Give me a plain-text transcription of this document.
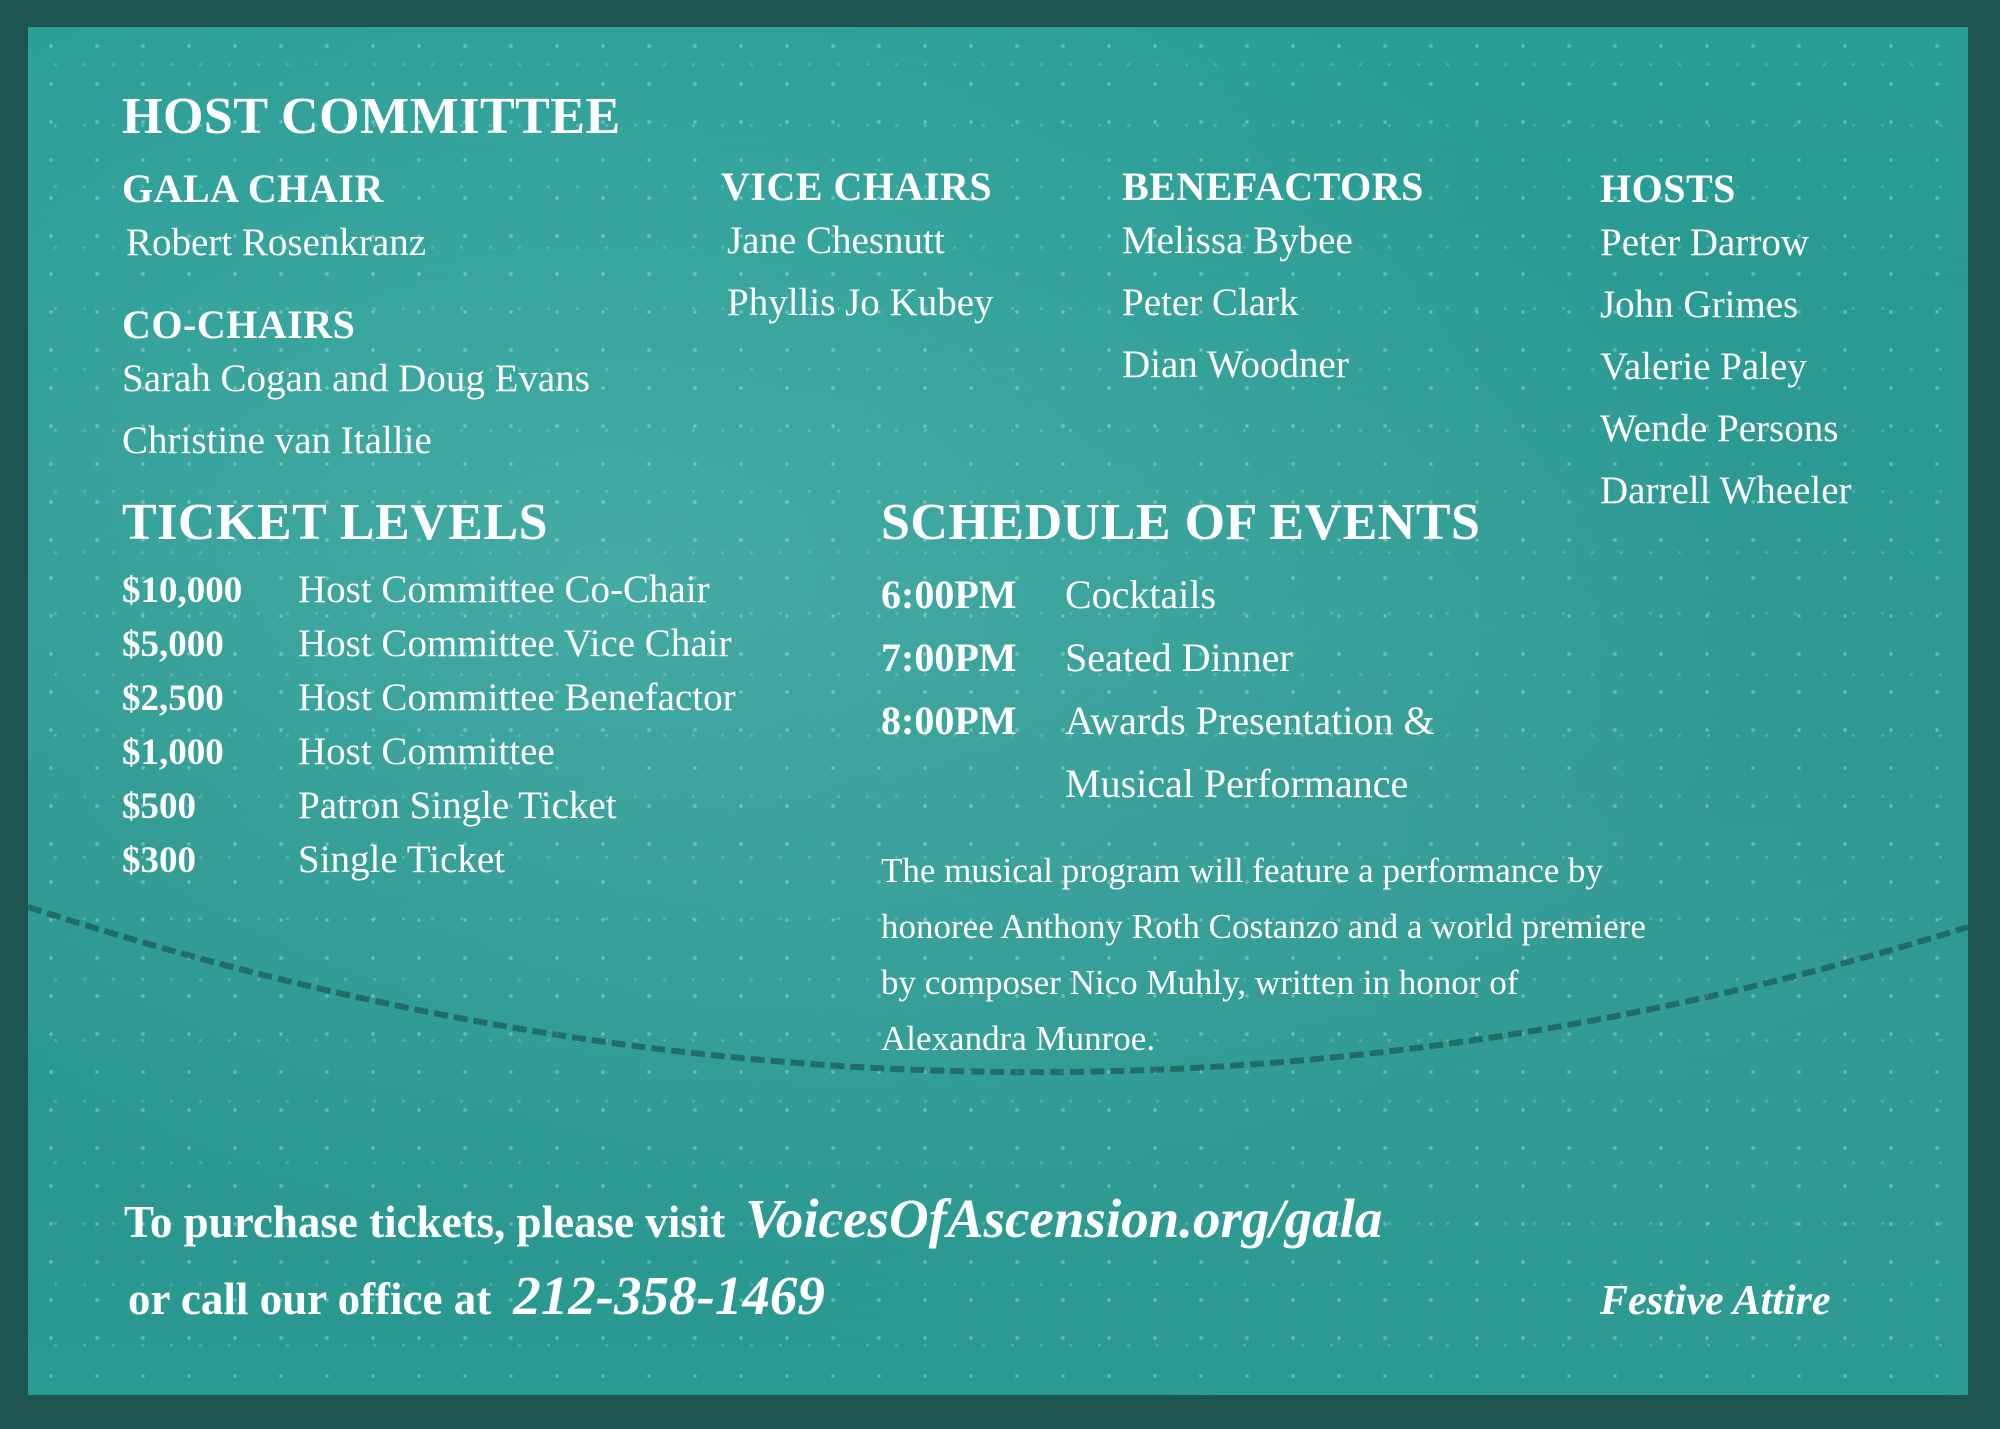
HOST COMMITTEE
GALA CHAIR
Robert Rosenkranz
CO-CHAIRS
Sarah Cogan and Doug Evans
Christine van Itallie
VICE CHAIRS
Jane Chesnutt
Phyllis Jo Kubey
BENEFACTORS
Melissa Bybee
Peter Clark
Dian Woodner
HOSTS
Peter Darrow
John Grimes
Valerie Paley
Wende Persons
Darrell Wheeler
TICKET LEVELS
$10,000	Host Committee Co-Chair
$5,000	Host Committee Vice Chair
$2,500	Host Committee Benefactor
$1,000	Host Committee
$500	Patron Single Ticket
$300	Single Ticket
SCHEDULE OF EVENTS
6:00PM	Cocktails
7:00PM	Seated Dinner
8:00PM	Awards Presentation &
Musical Performance
The musical program will feature a performance by honoree Anthony Roth Costanzo and a world premiere by composer Nico Muhly, written in honor of Alexandra Munroe.
To purchase tickets, please visit VoicesOfAscension.org/gala
or call our office at 212-358-1469	Festive Attire
